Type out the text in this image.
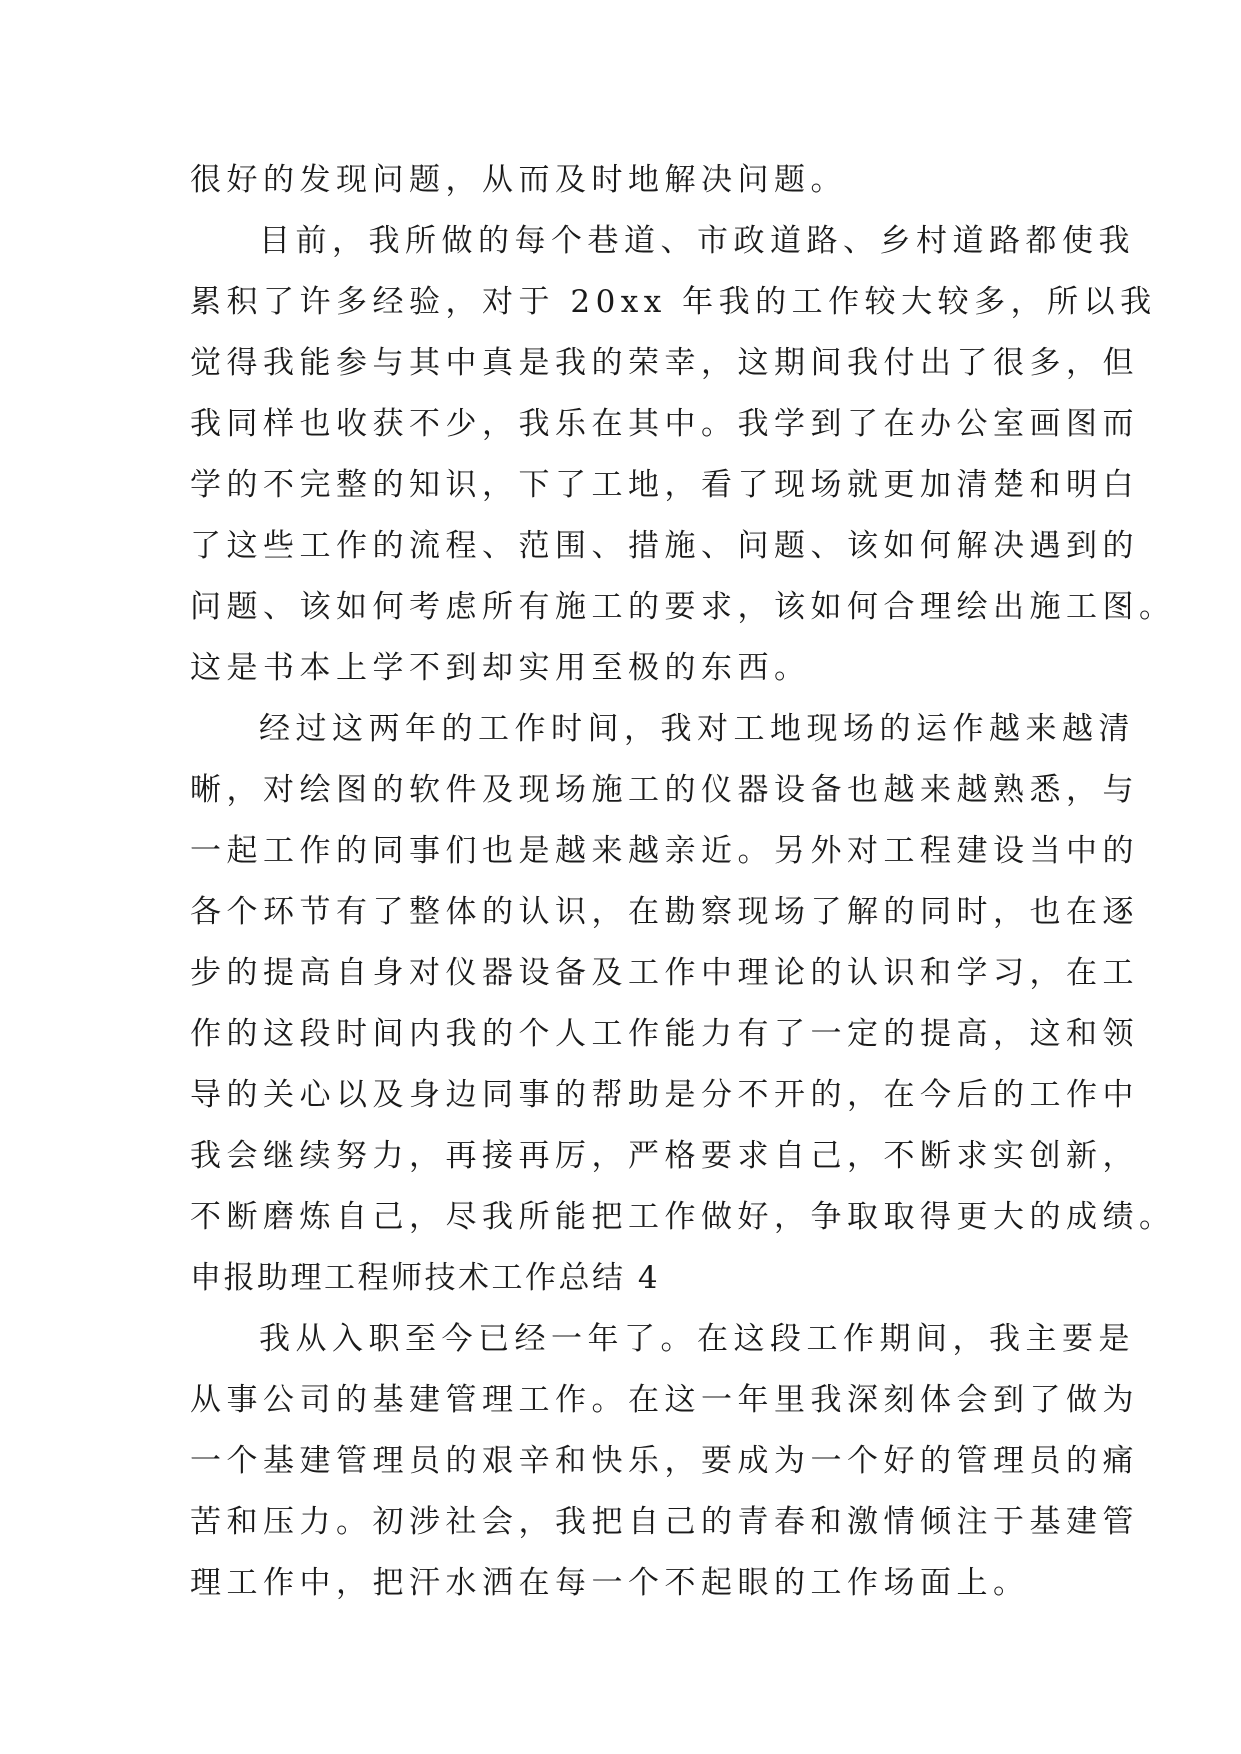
很好的发现问题，从而及时地解决问题。
目前，我所做的每个巷道、市政道路、乡村道路都使我
累积了许多经验，对于 20xx 年我的工作较大较多，所以我
觉得我能参与其中真是我的荣幸，这期间我付出了很多，但
我同样也收获不少，我乐在其中。我学到了在办公室画图而
学的不完整的知识，下了工地，看了现场就更加清楚和明白
了这些工作的流程、范围、措施、问题、该如何解决遇到的
问题、该如何考虑所有施工的要求，该如何合理绘出施工图。
这是书本上学不到却实用至极的东西。
经过这两年的工作时间，我对工地现场的运作越来越清
晰，对绘图的软件及现场施工的仪器设备也越来越熟悉，与
一起工作的同事们也是越来越亲近。另外对工程建设当中的
各个环节有了整体的认识，在勘察现场了解的同时，也在逐
步的提高自身对仪器设备及工作中理论的认识和学习，在工
作的这段时间内我的个人工作能力有了一定的提高，这和领
导的关心以及身边同事的帮助是分不开的，在今后的工作中
我会继续努力，再接再厉，严格要求自己，不断求实创新，
不断磨炼自己，尽我所能把工作做好，争取取得更大的成绩。
申报助理工程师技术工作总结 4
我从入职至今已经一年了。在这段工作期间，我主要是
从事公司的基建管理工作。在这一年里我深刻体会到了做为
一个基建管理员的艰辛和快乐，要成为一个好的管理员的痛
苦和压力。初涉社会，我把自己的青春和激情倾注于基建管
理工作中，把汗水洒在每一个不起眼的工作场面上。
